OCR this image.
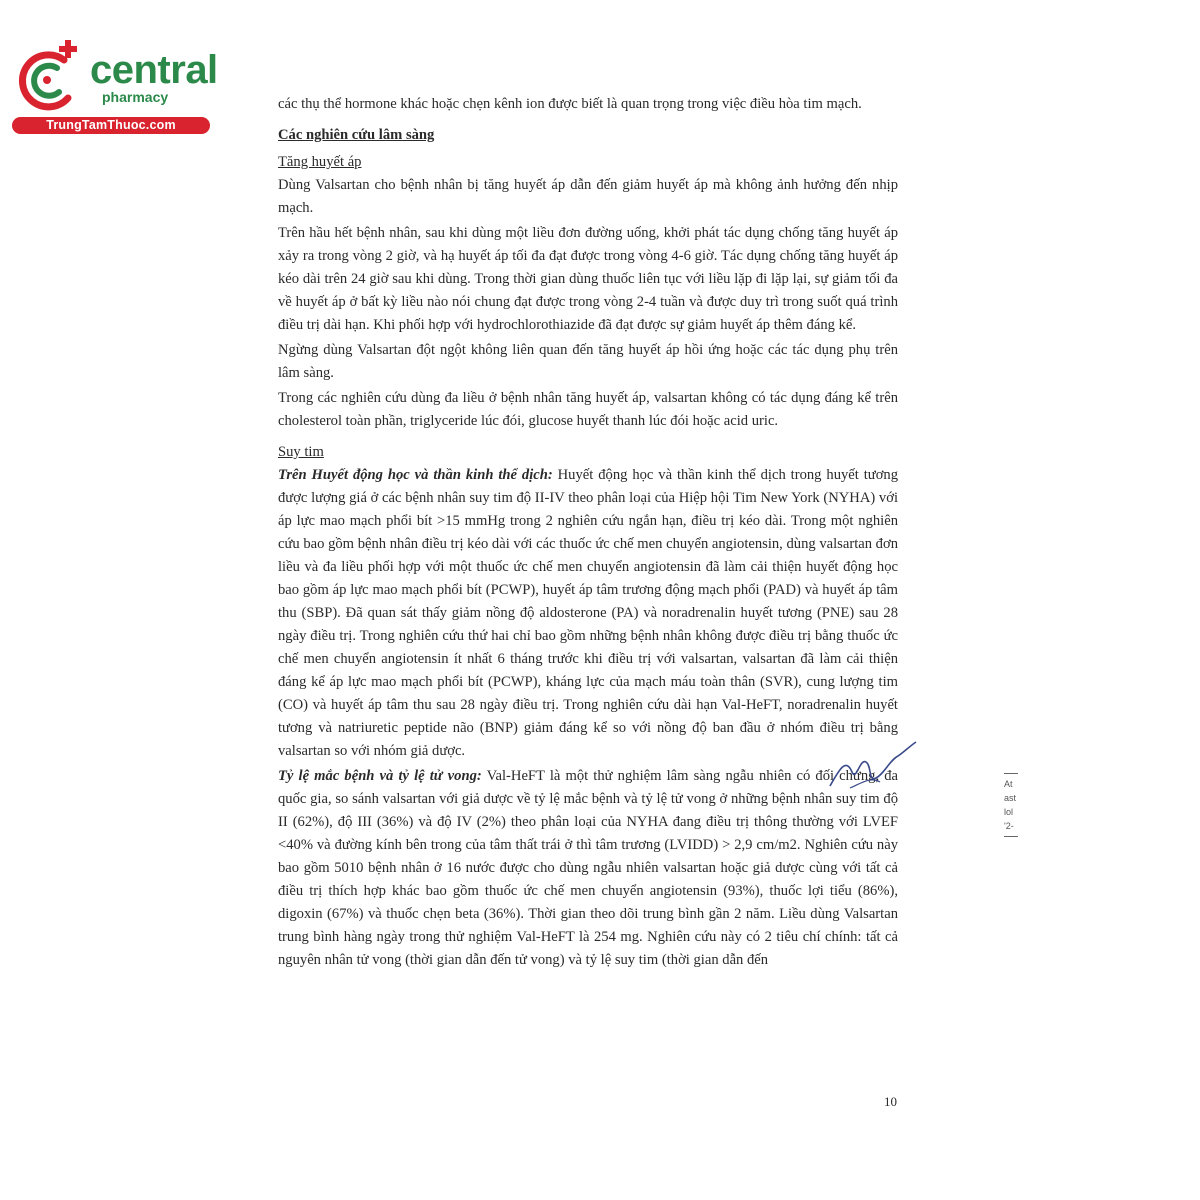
central
pharmacy
TrungTamThuoc.com

các thụ thể hormone khác hoặc chẹn kênh ion được biết là quan trọng trong việc điều hòa tim mạch.

Các nghiên cứu lâm sàng

Tăng huyết áp

Dùng Valsartan cho bệnh nhân bị tăng huyết áp dẫn đến giảm huyết áp mà không ảnh hưởng đến nhịp mạch.

Trên hầu hết bệnh nhân, sau khi dùng một liều đơn đường uống, khởi phát tác dụng chống tăng huyết áp xảy ra trong vòng 2 giờ, và hạ huyết áp tối đa đạt được trong vòng 4-6 giờ. Tác dụng chống tăng huyết áp kéo dài trên 24 giờ sau khi dùng. Trong thời gian dùng thuốc liên tục với liều lặp đi lặp lại, sự giảm tối đa về huyết áp ở bất kỳ liều nào nói chung đạt được trong vòng 2-4 tuần và được duy trì trong suốt quá trình điều trị dài hạn. Khi phối hợp với hydrochlorothiazide đã đạt được sự giảm huyết áp thêm đáng kể.

Ngừng dùng Valsartan đột ngột không liên quan đến tăng huyết áp hồi ứng hoặc các tác dụng phụ trên lâm sàng.

Trong các nghiên cứu dùng đa liều ở bệnh nhân tăng huyết áp, valsartan không có tác dụng đáng kể trên cholesterol toàn phần, triglyceride lúc đói, glucose huyết thanh lúc đói hoặc acid uric.

Suy tim

Trên Huyết động học và thần kinh thể dịch: Huyết động học và thần kinh thể dịch trong huyết tương được lượng giá ở các bệnh nhân suy tim độ II-IV theo phân loại của Hiệp hội Tim New York (NYHA) với áp lực mao mạch phổi bít >15 mmHg trong 2 nghiên cứu ngắn hạn, điều trị kéo dài. Trong một nghiên cứu bao gồm bệnh nhân điều trị kéo dài với các thuốc ức chế men chuyển angiotensin, dùng valsartan đơn liều và đa liều phối hợp với một thuốc ức chế men chuyển angiotensin đã làm cải thiện huyết động học bao gồm áp lực mao mạch phổi bít (PCWP), huyết áp tâm trương động mạch phổi (PAD) và huyết áp tâm thu (SBP). Đã quan sát thấy giảm nồng độ aldosterone (PA) và noradrenalin huyết tương (PNE) sau 28 ngày điều trị. Trong nghiên cứu thứ hai chỉ bao gồm những bệnh nhân không được điều trị bằng thuốc ức chế men chuyển angiotensin ít nhất 6 tháng trước khi điều trị với valsartan, valsartan đã làm cải thiện đáng kể áp lực mao mạch phổi bít (PCWP), kháng lực của mạch máu toàn thân (SVR), cung lượng tim (CO) và huyết áp tâm thu sau 28 ngày điều trị. Trong nghiên cứu dài hạn Val-HeFT, noradrenalin huyết tương và natriuretic peptide não (BNP) giảm đáng kể so với nồng độ ban đầu ở nhóm điều trị bằng valsartan so với nhóm giả dược.

Tỷ lệ mắc bệnh và tỷ lệ tử vong: Val-HeFT là một thử nghiệm lâm sàng ngẫu nhiên có đối chứng, đa quốc gia, so sánh valsartan với giả dược về tỷ lệ mắc bệnh và tỷ lệ tử vong ở những bệnh nhân suy tim độ II (62%), độ III (36%) và độ IV (2%) theo phân loại của NYHA đang điều trị thông thường với LVEF <40% và đường kính bên trong của tâm thất trái ở thì tâm trương (LVIDD) > 2,9 cm/m2. Nghiên cứu này bao gồm 5010 bệnh nhân ở 16 nước được cho dùng ngẫu nhiên valsartan hoặc giả dược cùng với tất cả điều trị thích hợp khác bao gồm thuốc ức chế men chuyển angiotensin (93%), thuốc lợi tiểu (86%), digoxin (67%) và thuốc chẹn beta (36%). Thời gian theo dõi trung bình gần 2 năm. Liều dùng Valsartan trung bình hàng ngày trong thử nghiệm Val-HeFT là 254 mg. Nghiên cứu này có 2 tiêu chí chính: tất cả nguyên nhân tử vong (thời gian dẫn đến tử vong) và tỷ lệ suy tim (thời gian dẫn đến

10
At
ast
lol
'2-
